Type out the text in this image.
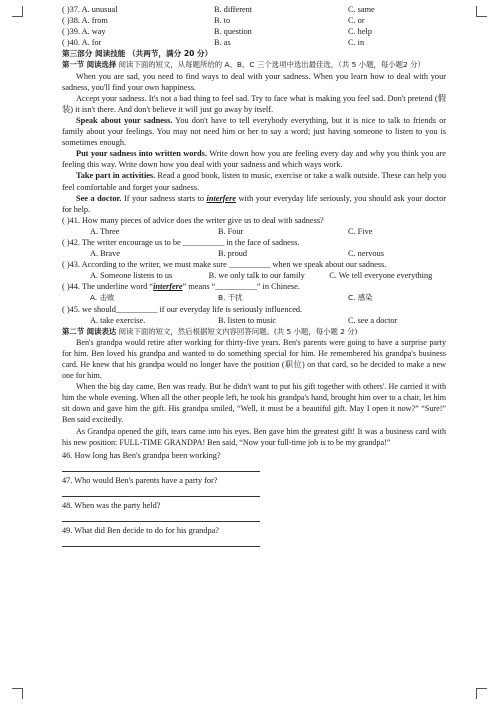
( )37. A. unusual	B. different	C. same
( )38. A. from	B. to	C. or
( )39. A. way	B. question	C. help
( )40. A. for	B. as	C. in
第三部分 阅读技能 （共两节，满分 20 分）
第一节 阅读选择 阅读下面的短文，从每题所给的 A、B、C 三个选项中选出最佳选，（共 5 小题，每小题2 分）
When you are sad, you need to find ways to deal with your sadness. When you learn how to deal with your sadness, you'll find your own happiness.
Accept your sadness. It's not a bad thing to feel sad. Try to face what is making you feel sad. Don't pretend (假装) it isn't there. And don't believe it will just go away by itself.
Speak about your sadness. You don't have to tell everybody everything, but it is nice to talk to friends or family about your feelings. You may not need him or her to say a word; just having someone to listen to you is sometimes enough.
Put your sadness into written words. Write down how you are feeling every day and why you think you are feeling this way. Write down how you deal with your sadness and which ways work.
Take part in activities. Read a good book, listen to music, exercise or take a walk outside. These can help you feel comfortable and forget your sadness.
See a doctor. If your sadness starts to interfere with your everyday life seriously, you should ask your doctor for help.
( )41. How many pieces of advice does the writer give us to deal with sadness?
A. Three	B. Four	C. Five
( )42. The writer encourage us to be __________ in the face of sadness.
A. Brave	B. proud	C. nervous
( )43. According to the writer, we must make sure __________ when we speak about our sadness.
A. Someone listens to us	B. we only talk to our family	C. We tell everyone everything
( )44. The underline word “interfere” means “__________” in Chinese.
A. 击败	B. 干扰	C. 感染
( )45. we should__________ if our everyday life is seriously influenced.
A. take exercise.	B. listen to music	C. see a doctor
第二节 阅读表达 阅读下面的短文，然后根据短文内容回答问题。(共 5 小题，每小题 2 分)
Ben's grandpa would retire after working for thirty-five years. Ben's parents were going to have a surprise party for him. Ben loved his grandpa and wanted to do something special for him. He remembered his grandpa's business card. He knew that his grandpa would no longer have the position (职位) on that card, so he decided to make a new one for him.
When the big day came, Ben was ready. But he didn't want to put his gift together with others'. He carried it with him the whole evening. When all the other people left, he took his grandpa's hand, brought him over to a chair, let him sit down and gave him the gift. His grandpa smiled, “Well, it must be a beautiful gift. May I open it now?” “Sure!” Ben said excitedly.
As Grandpa opened the gift, tears came into his eyes. Ben gave him the greatest gift! It was a business card with his new position: FULL-TIME GRANDPA! Ben said, “Now your full-time job is to be my grandpa!”
46. How long has Ben's grandpa been working?
47. Who would Ben's parents have a party for?
48. When was the party held?
49. What did Ben decide to do for his grandpa?
